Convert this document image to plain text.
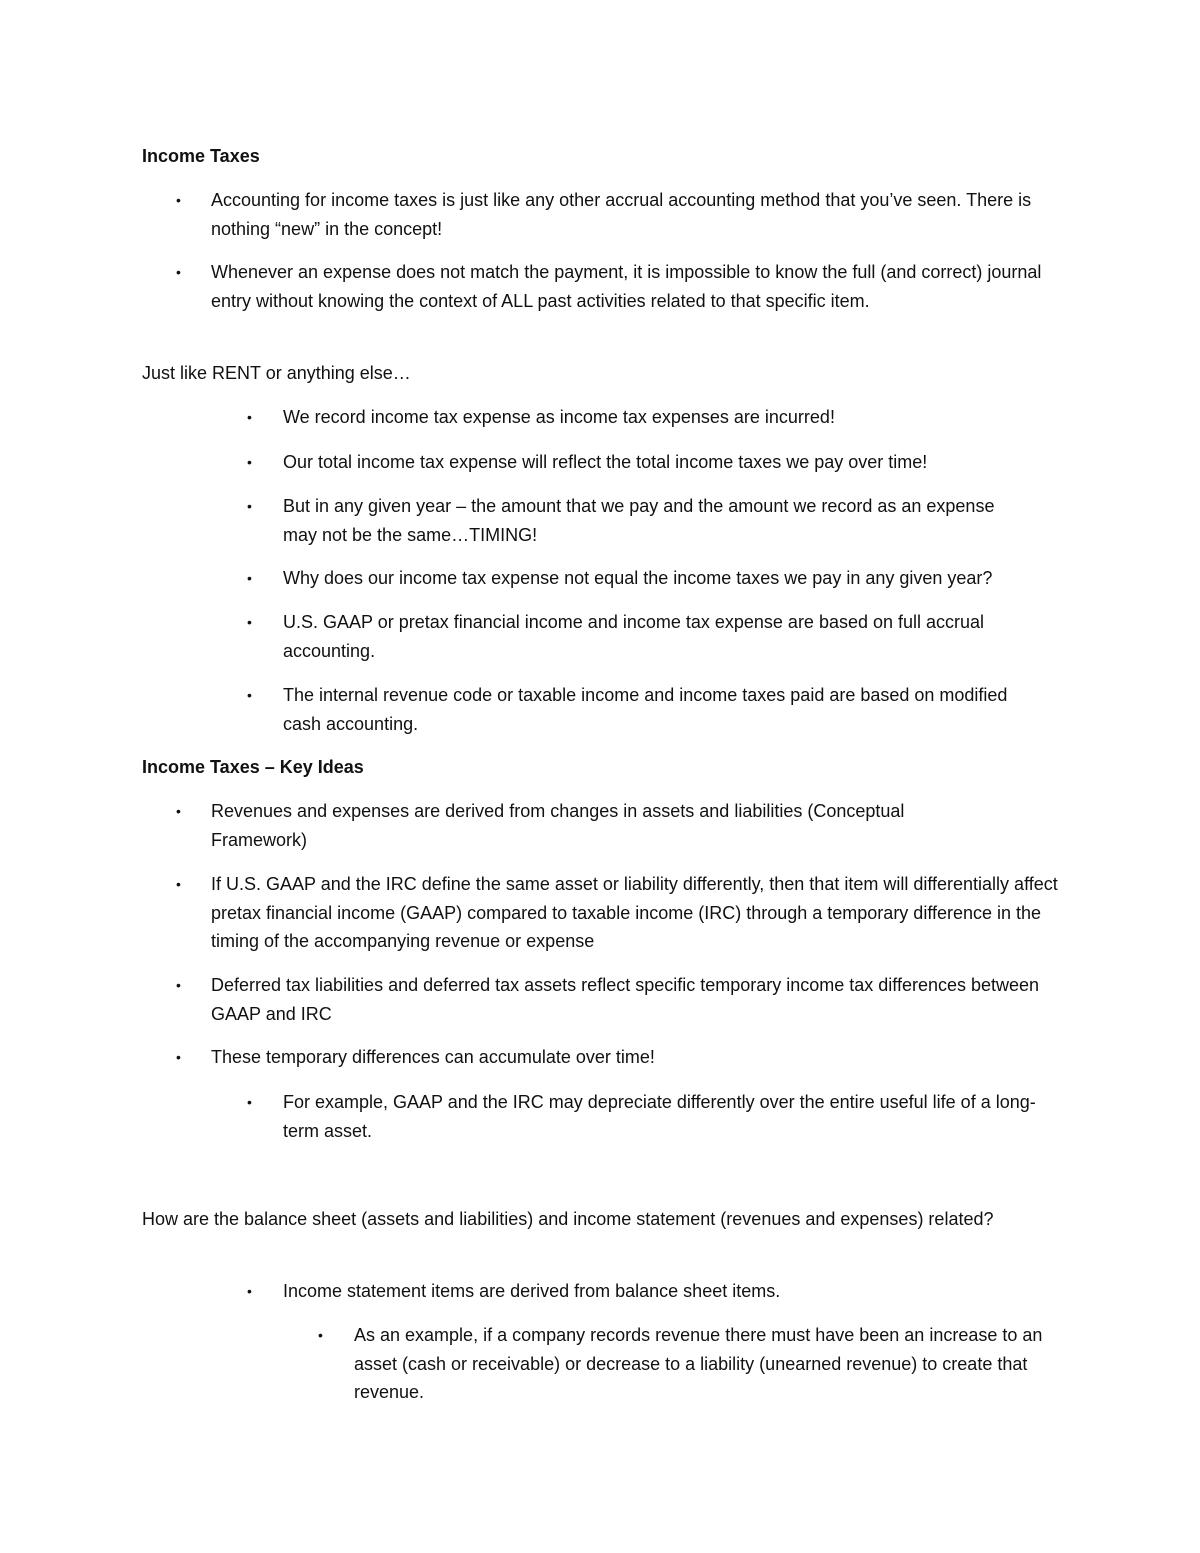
Income Taxes
• Accounting for income taxes is just like any other accrual accounting method that you’ve seen. There is nothing “new” in the concept!
• Whenever an expense does not match the payment, it is impossible to know the full (and correct) journal entry without knowing the context of ALL past activities related to that specific item.
Just like RENT or anything else…
• We record income tax expense as income tax expenses are incurred!
• Our total income tax expense will reflect the total income taxes we pay over time!
• But in any given year – the amount that we pay and the amount we record as an expense may not be the same…TIMING!
• Why does our income tax expense not equal the income taxes we pay in any given year?
• U.S. GAAP or pretax financial income and income tax expense are based on full accrual accounting.
• The internal revenue code or taxable income and income taxes paid are based on modified cash accounting.
Income Taxes – Key Ideas
• Revenues and expenses are derived from changes in assets and liabilities (Conceptual Framework)
• If U.S. GAAP and the IRC define the same asset or liability differently, then that item will differentially affect pretax financial income (GAAP) compared to taxable income (IRC) through a temporary difference in the timing of the accompanying revenue or expense
• Deferred tax liabilities and deferred tax assets reflect specific temporary income tax differences between GAAP and IRC
• These temporary differences can accumulate over time!
• For example, GAAP and the IRC may depreciate differently over the entire useful life of a long-term asset.
How are the balance sheet (assets and liabilities) and income statement (revenues and expenses) related?
• Income statement items are derived from balance sheet items.
• As an example, if a company records revenue there must have been an increase to an asset (cash or receivable) or decrease to a liability (unearned revenue) to create that revenue.
